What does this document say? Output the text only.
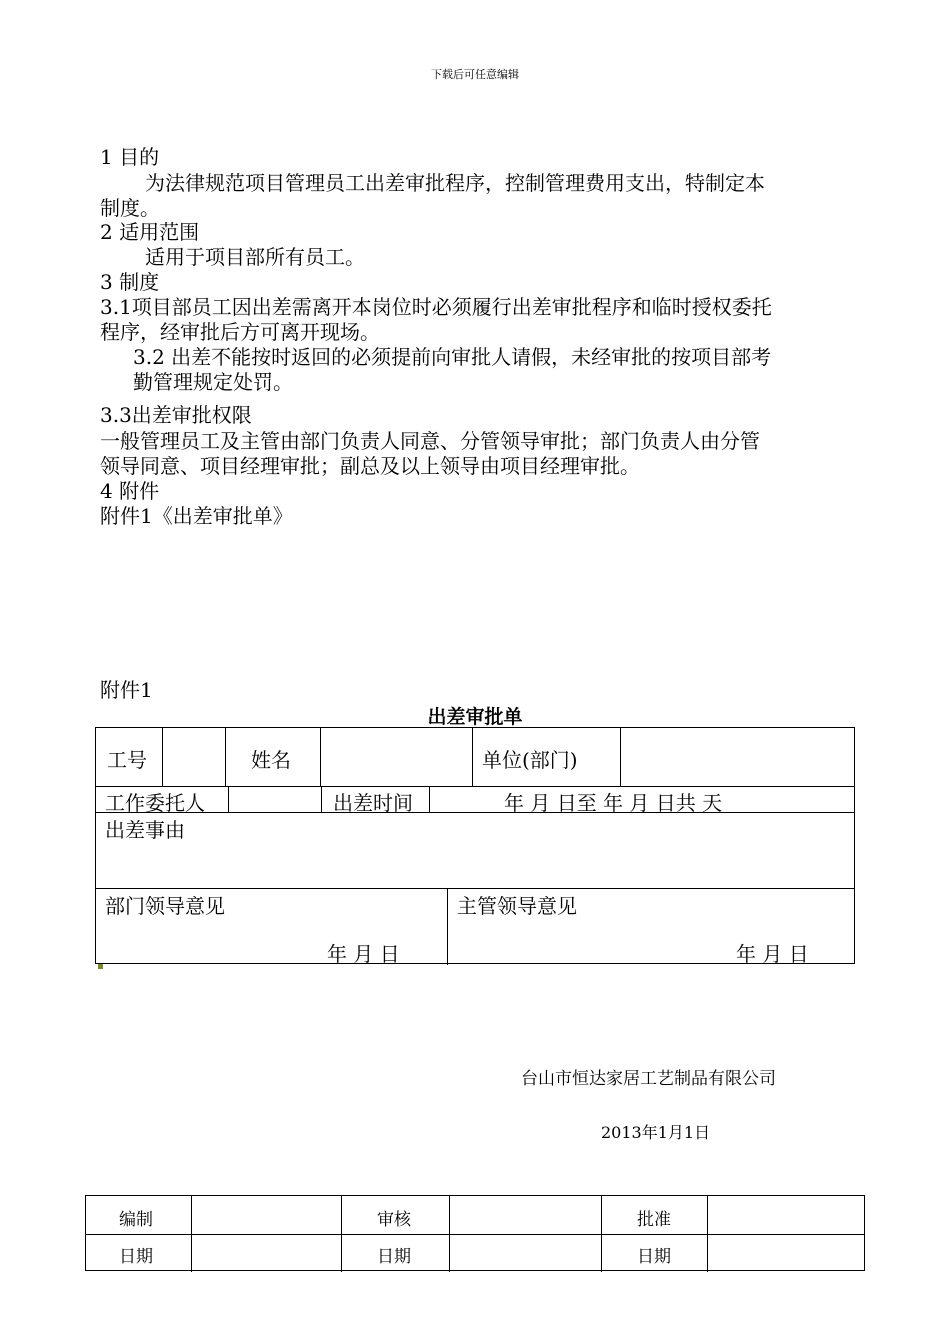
下载后可任意编辑
1 目的
为法律规范项目管理员工出差审批程序，控制管理费用支出，特制定本
制度。
2 适用范围
适用于项目部所有员工。
3 制度
3.1项目部员工因出差需离开本岗位时必须履行出差审批程序和临时授权委托
程序，经审批后方可离开现场。
3.2 出差不能按时返回的必须提前向审批人请假，未经审批的按项目部考
勤管理规定处罚。
3.3出差审批权限
一般管理员工及主管由部门负责人同意、分管领导审批；部门负责人由分管
领导同意、项目经理审批；副总及以上领导由项目经理审批。
4 附件
附件1《出差审批单》
附件1
出差审批单
工号	姓名	单位(部门)
工作委托人	出差时间	年 月 日至 年 月 日共 天
出差事由
部门领导意见
年 月 日
主管领导意见
年 月 日
台山市恒达家居工艺制品有限公司
2013年1月1日
编制	审核	批准
日期	日期	日期
